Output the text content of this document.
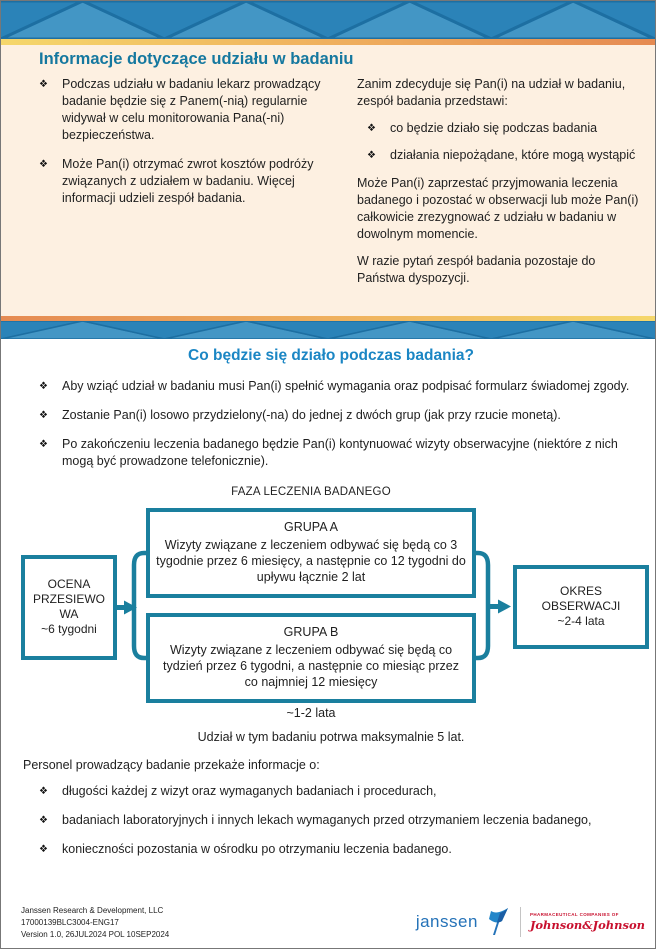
Informacje dotyczące udziału w badaniu
❖	Podczas udziału w badaniu lekarz prowadzący badanie będzie się z Panem(-nią) regularnie widywał w celu monitorowania Pana(-ni) bezpieczeństwa.
❖	Może Pan(i) otrzymać zwrot kosztów podróży związanych z udziałem w badaniu. Więcej informacji udzieli zespół badania.

Zanim zdecyduje się Pan(i) na udział w badaniu, zespół badania przedstawi:

❖	co będzie działo się podczas badania
❖	działania niepożądane, które mogą wystąpić

Może Pan(i) zaprzestać przyjmowania leczenia badanego i pozostać w obserwacji lub może Pan(i) całkowicie zrezygnować z udziału w badaniu w dowolnym momencie.

W razie pytań zespół badania pozostaje do Państwa dyspozycji.

Co będzie się działo podczas badania?
❖	Aby wziąć udział w badaniu musi Pan(i) spełnić wymagania oraz podpisać formularz świadomej zgody.
❖	Zostanie Pan(i) losowo przydzielony(-na) do jednej z dwóch grup (jak przy rzucie monetą).
❖	Po zakończeniu leczenia badanego będzie Pan(i) kontynuować wizyty obserwacyjne (niektóre z nich mogą być prowadzone telefonicznie).
FAZA LECZENIA BADANEGO
OCENA
PRZESIEWO
WA
~6 tygodni
GRUPA A
Wizyty związane z leczeniem odbywać się będą co 3 tygodnie przez 6 miesięcy, a następnie co 12 tygodni do upływu łącznie 2 lat
GRUPA B
Wizyty związane z leczeniem odbywać się będą co tydzień przez 6 tygodni, a następnie co miesiąc przez co najmniej 12 miesięcy
OKRES
OBSERWACJI
~2-4 lata
~1-2 lata
Udział w tym badaniu potrwa maksymalnie 5 lat.

Personel prowadzący badanie przekaże informacje o:

❖	długości każdej z wizyt oraz wymaganych badaniach i procedurach,
❖	badaniach laboratoryjnych i innych lekach wymaganych przed otrzymaniem leczenia badanego,
❖	konieczności pozostania w ośrodku po otrzymaniu leczenia badanego.
Janssen Research & Development, LLC
17000139BLC3004-ENG17
Version 1.0, 26JUL2024 POL 10SEP2024
janssen	PHARMACEUTICAL COMPANIES OF
Johnson&Johnson
